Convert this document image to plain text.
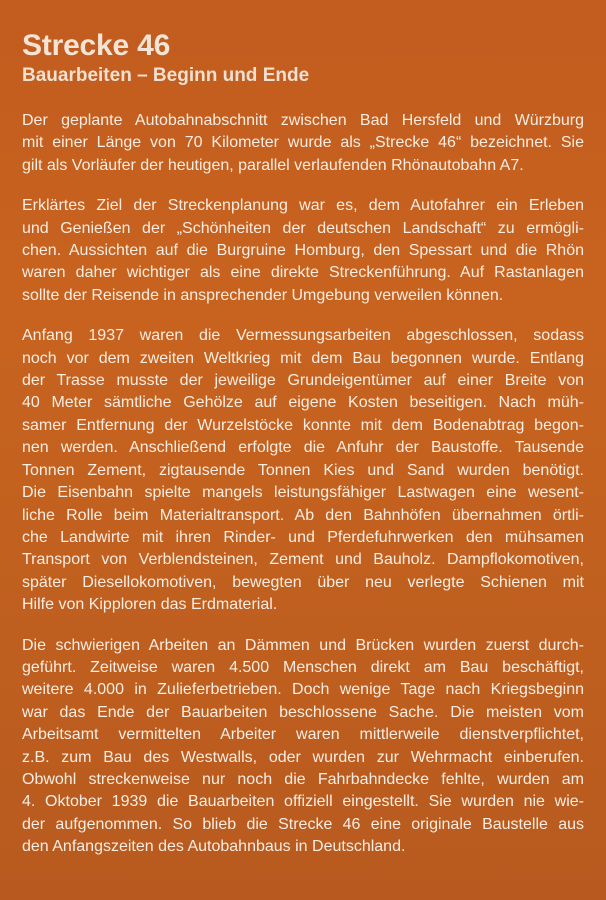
Strecke 46
Bauarbeiten – Beginn und Ende
Der geplante Autobahnabschnitt zwischen Bad Hersfeld und Würzburg
mit einer Länge von 70 Kilometer wurde als „Strecke 46“ bezeichnet. Sie
gilt als Vorläufer der heutigen, parallel verlaufenden Rhönautobahn A7.
Erklärtes Ziel der Streckenplanung war es, dem Autofahrer ein Erleben
und Genießen der „Schönheiten der deutschen Landschaft“ zu ermögli-
chen. Aussichten auf die Burgruine Homburg, den Spessart und die Rhön
waren daher wichtiger als eine direkte Streckenführung. Auf Rastanlagen
sollte der Reisende in ansprechender Umgebung verweilen können.
Anfang 1937 waren die Vermessungsarbeiten abgeschlossen, sodass
noch vor dem zweiten Weltkrieg mit dem Bau begonnen wurde. Entlang
der Trasse musste der jeweilige Grundeigentümer auf einer Breite von
40 Meter sämtliche Gehölze auf eigene Kosten beseitigen. Nach müh-
samer Entfernung der Wurzelstöcke konnte mit dem Bodenabtrag begon-
nen werden. Anschließend erfolgte die Anfuhr der Baustoffe. Tausende
Tonnen Zement, zigtausende Tonnen Kies und Sand wurden benötigt.
Die Eisenbahn spielte mangels leistungsfähiger Lastwagen eine wesent-
liche Rolle beim Materialtransport. Ab den Bahnhöfen übernahmen örtli-
che Landwirte mit ihren Rinder- und Pferdefuhrwerken den mühsamen
Transport von Verblendsteinen, Zement und Bauholz. Dampflokomotiven,
später Diesellokomotiven, bewegten über neu verlegte Schienen mit
Hilfe von Kipploren das Erdmaterial.
Die schwierigen Arbeiten an Dämmen und Brücken wurden zuerst durch-
geführt. Zeitweise waren 4.500 Menschen direkt am Bau beschäftigt,
weitere 4.000 in Zulieferbetrieben. Doch wenige Tage nach Kriegsbeginn
war das Ende der Bauarbeiten beschlossene Sache. Die meisten vom
Arbeitsamt vermittelten Arbeiter waren mittlerweile dienstverpflichtet,
z.B. zum Bau des Westwalls, oder wurden zur Wehrmacht einberufen.
Obwohl streckenweise nur noch die Fahrbahndecke fehlte, wurden am
4. Oktober 1939 die Bauarbeiten offiziell eingestellt. Sie wurden nie wie-
der aufgenommen. So blieb die Strecke 46 eine originale Baustelle aus
den Anfangszeiten des Autobahnbaus in Deutschland.
